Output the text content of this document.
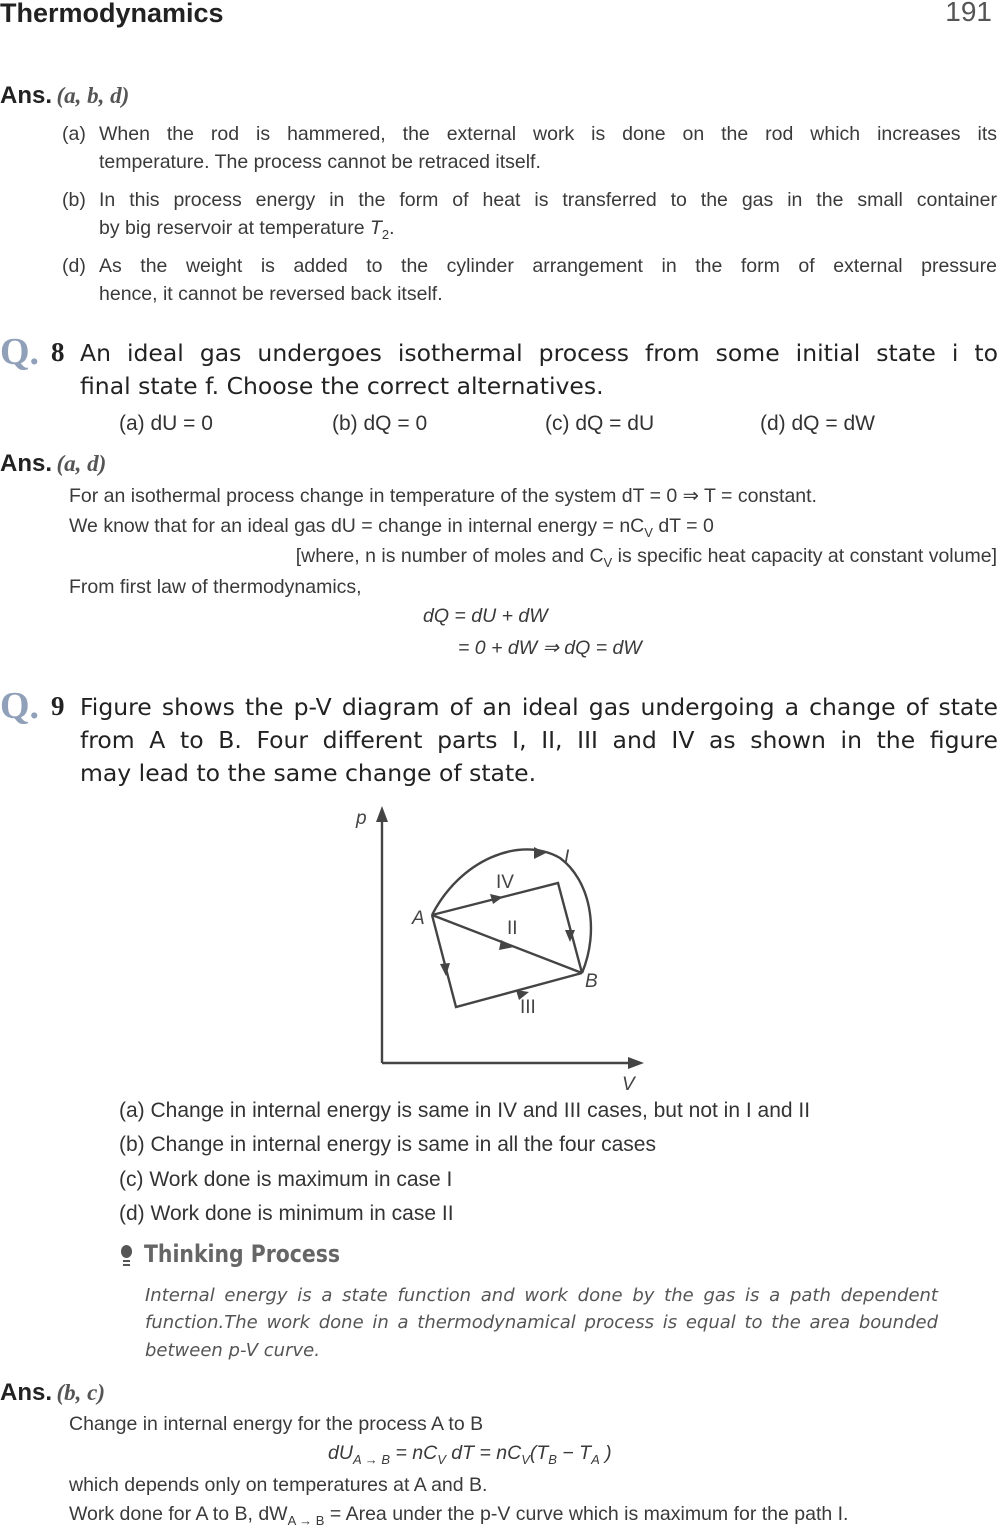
Thermodynamics	191
Ans. (a, b, d)
(a) When the rod is hammered, the external work is done on the rod which increases its
temperature. The process cannot be retraced itself.
(b) In this process energy in the form of heat is transferred to the gas in the small container
by big reservoir at temperature $T_2$.
(d) As the weight is added to the cylinder arrangement in the form of external pressure
hence, it cannot be reversed back itself.
Q. 8 An ideal gas undergoes isothermal process from some initial state i to
final state f. Choose the correct alternatives.
(a) dU = 0	(b) dQ = 0	(c) dQ = dU	(d) dQ = dW
Ans. (a, d)
For an isothermal process change in temperature of the system dT = 0 ⇒ T = constant.
We know that for an ideal gas dU = change in internal energy = $nC_V$ dT = 0
[where, n is number of moles and $C_V$ is specific heat capacity at constant volume]
From first law of thermodynamics,
dQ = dU + dW
= 0 + dW ⇒ dQ = dW
Q. 9 Figure shows the p-V diagram of an ideal gas undergoing a change of state
from A to B. Four different parts I, II, III and IV as shown in the figure
may lead to the same change of state.
p
V
A
B
I
II
III
IV
(a) Change in internal energy is same in IV and III cases, but not in I and II
(b) Change in internal energy is same in all the four cases
(c) Work done is maximum in case I
(d) Work done is minimum in case II
Thinking Process
Internal energy is a state function and work done by the gas is a path dependent
function.The work done in a thermodynamical process is equal to the area bounded
between p-V curve.
Ans. (b, c)
Change in internal energy for the process A to B
$dU_{A \to B} = nC_V$ dT = $nC_V(T_B - T_A$ )
which depends only on temperatures at A and B.
Work done for A to B, $dW_{A \to B}$ = Area under the p-V curve which is maximum for the path I.
